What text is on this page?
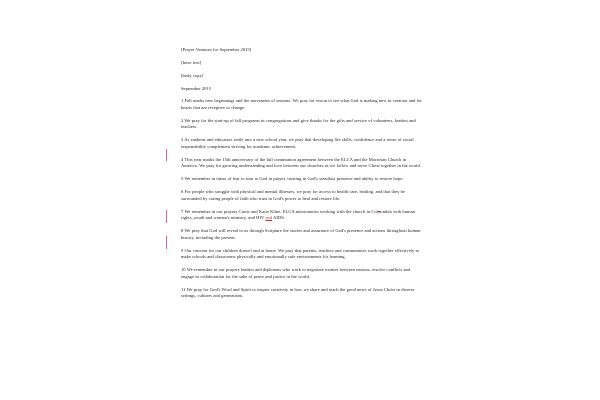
[Prayer Ventures for September 2015]

[Intro text]

[body copy]

September 2015

1 Fall marks new beginnings and the movement of seasons. We pray for vision to see what God is making new in creation and for hearts that are receptive to change.

2 We pray for the start-up of fall programs in congregations and give thanks for the gifts and service of volunteers, leaders and teachers.

3 As students and educators settle into a new school year, we pray that developing life skills, confidence and a sense of social responsibility complement striving for academic achievement.

4 This year marks the 15th anniversary of the full communion agreement between the ELCA and the Moravian Church in America. We pray for growing understanding and love between our churches as we follow and serve Christ together in the world.

5 We remember in times of fear to turn to God in prayer, trusting in God's steadfast presence and ability to restore hope.

6 For people who struggle with physical and mental illnesses, we pray for access to health care, healing, and that they be surrounded by caring people of faith who trust in God's power to heal and restore life.

7 We remember in our prayers Curtis and Katie Kline, ELCA missionaries working with the church in Coluombia with human rights, youth and women's ministry, and HIV and AIDS.

8 We pray that God will reveal to us through Scripture the stories and assurance of God's presence and actions throughout human history, including the present.

9 Our concern for our children doesn't end at home. We pray that parents, teachers and communities work together effectively to make schools and classrooms physically and emotionally safe environments for learning.

10 We remember in our prayers leaders and diplomats who work to negotiate treaties between nations, resolve conflicts and engage in collaboration for the sake of peace and justice in the world.

11 We pray for God's Word and Spirit to inspire creativity in how we share and teach the good news of Jesus Christ in diverse settings, cultures and generations.
